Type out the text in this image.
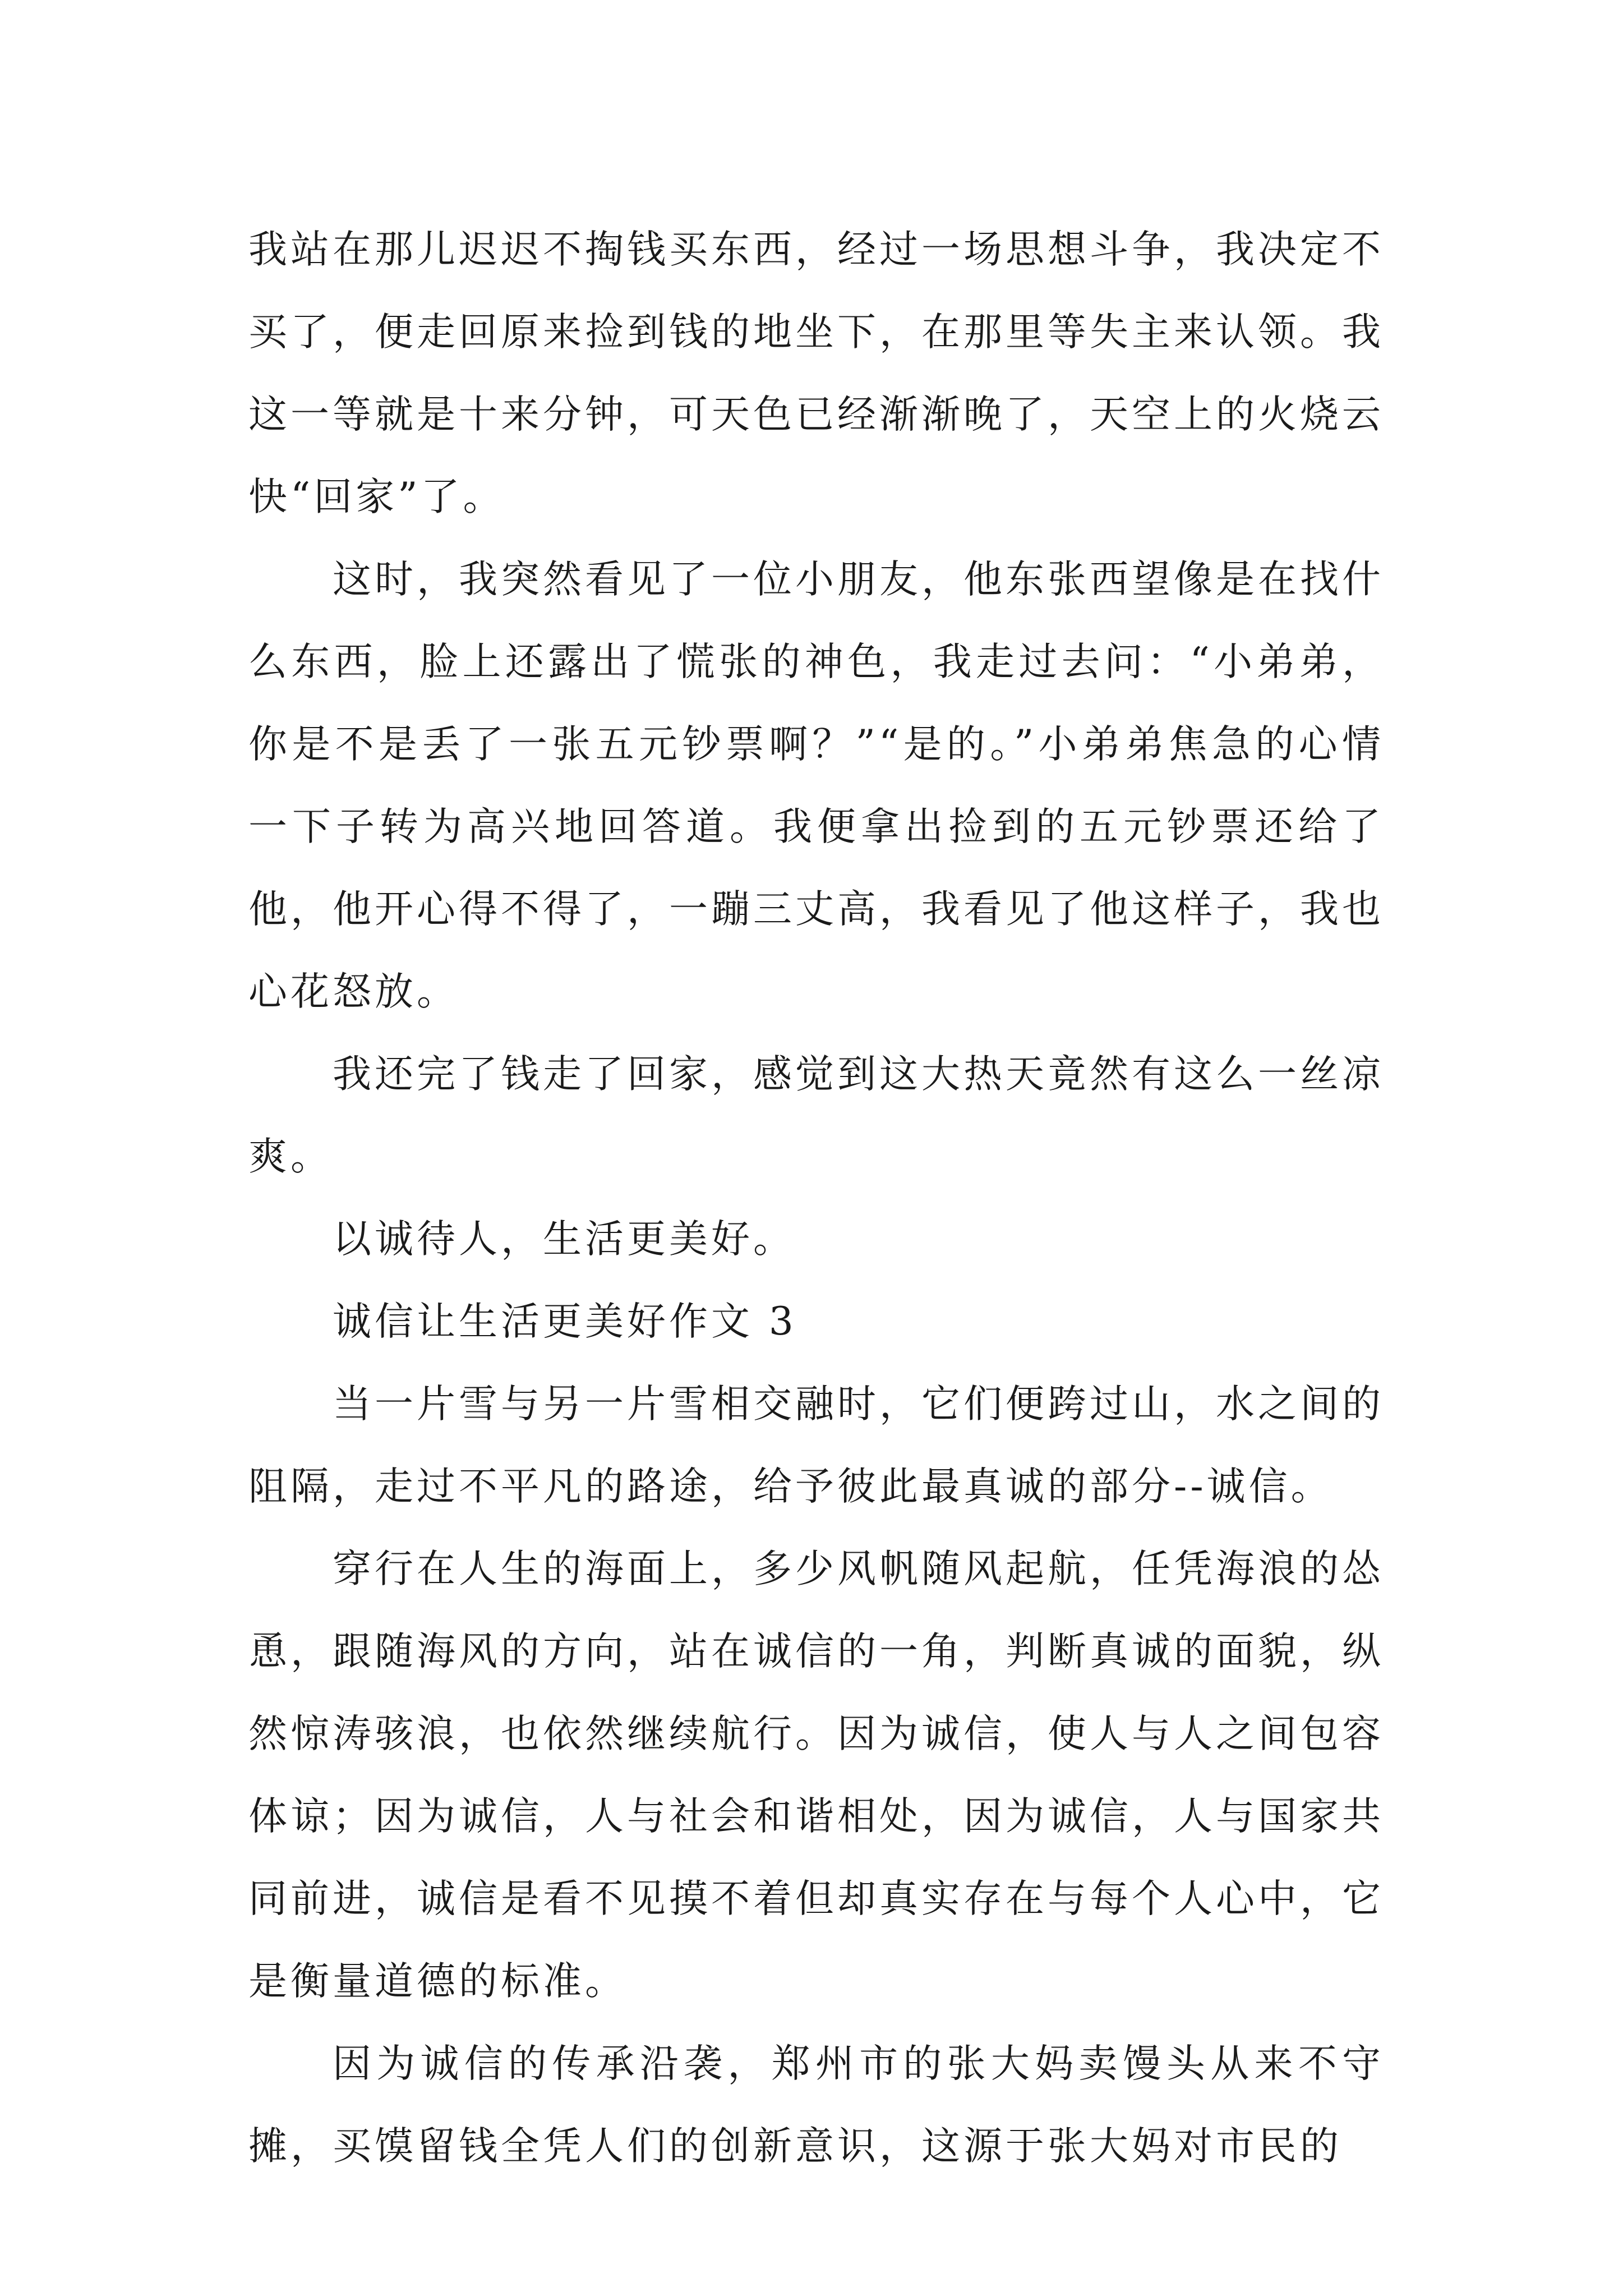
我站在那儿迟迟不掏钱买东西，经过一场思想斗争，我决定不买了，便走回原来捡到钱的地坐下，在那里等失主来认领。我这一等就是十来分钟，可天色已经渐渐晚了，天空上的火烧云快“回家”了。

这时，我突然看见了一位小朋友，他东张西望像是在找什么东西，脸上还露出了慌张的神色，我走过去问：“小弟弟，你是不是丢了一张五元钞票啊？”“是的。”小弟弟焦急的心情一下子转为高兴地回答道。我便拿出捡到的五元钞票还给了他，他开心得不得了，一蹦三丈高，我看见了他这样子，我也心花怒放。

我还完了钱走了回家，感觉到这大热天竟然有这么一丝凉爽。

以诚待人，生活更美好。

诚信让生活更美好作文 3

当一片雪与另一片雪相交融时，它们便跨过山，水之间的阻隔，走过不平凡的路途，给予彼此最真诚的部分--诚信。

穿行在人生的海面上，多少风帆随风起航，任凭海浪的怂恿，跟随海风的方向，站在诚信的一角，判断真诚的面貌，纵然惊涛骇浪，也依然继续航行。因为诚信，使人与人之间包容体谅；因为诚信，人与社会和谐相处，因为诚信，人与国家共同前进，诚信是看不见摸不着但却真实存在与每个人心中，它是衡量道德的标准。

因为诚信的传承沿袭，郑州市的张大妈卖馒头从来不守摊，买馍留钱全凭人们的创新意识，这源于张大妈对市民的
